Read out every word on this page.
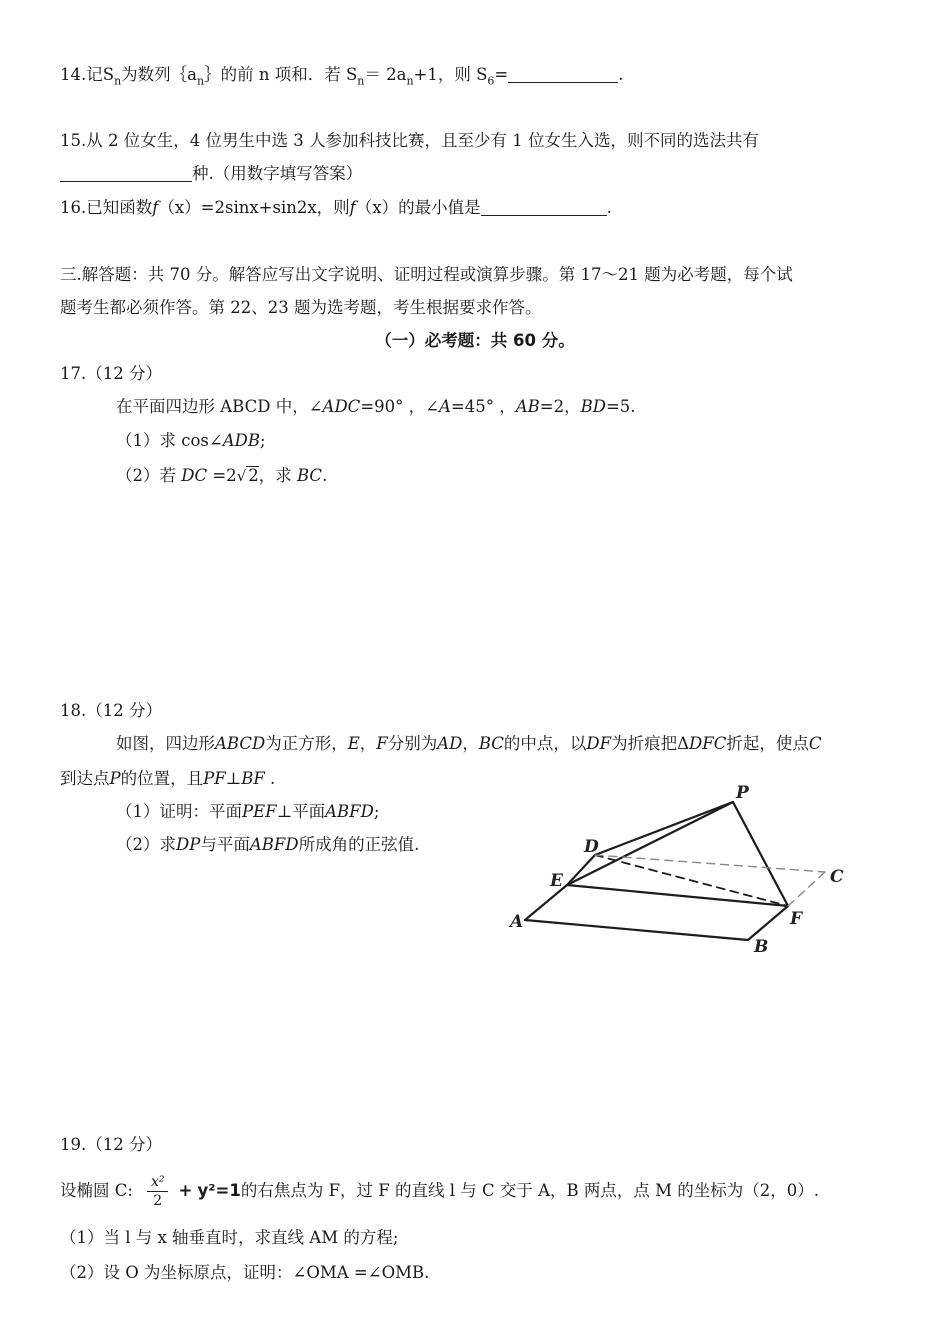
14.记$S_n$为数列$\{a_n\}$的前 n 项和．若 $S_n= 2a_n+1$，则 $S_6=$	.
15.从 2 位女生，4 位男生中选 3 人参加科技比赛，且至少有 1 位女生入选，则不同的选法共有
种.（用数字填写答案）
16.已知函数f（x）=2sinx+sin2x，则f（x）的最小值是	.
三.解答题：共 70 分。解答应写出文字说明、证明过程或演算步骤。第 17～21 题为必考题，每个试
题考生都必须作答。第 22、23 题为选考题，考生根据要求作答。
（一）必考题：共 60 分。
17.（12 分）
在平面四边形 ABCD 中，∠ADC=90° ，∠A=45° ，AB=2，BD=5.
（1）求 cos∠ADB;
（2）若 DC =2√ 2，求 BC.
18.（12 分）
如图，四边形ABCD为正方形，E，F分别为AD，BC的中点，以DF为折痕把ΔDFC折起，使点C
到达点P的位置，且PF⊥BF .
（1）证明：平面PEF⊥平面ABFD;
（2）求DP与平面ABFD所成角的正弦值.
P
D
C
E
F
A
B
19.（12 分）
设椭圆 C: $\frac{\text{x²}}{2} + y^2=1$的右焦点为 F，过 F 的直线 l 与 C 交于 A，B 两点，点 M 的坐标为（2，0）.
（1）当 l 与 x 轴垂直时，求直线 AM 的方程;
（2）设 O 为坐标原点，证明：∠OMA =∠OMB.
